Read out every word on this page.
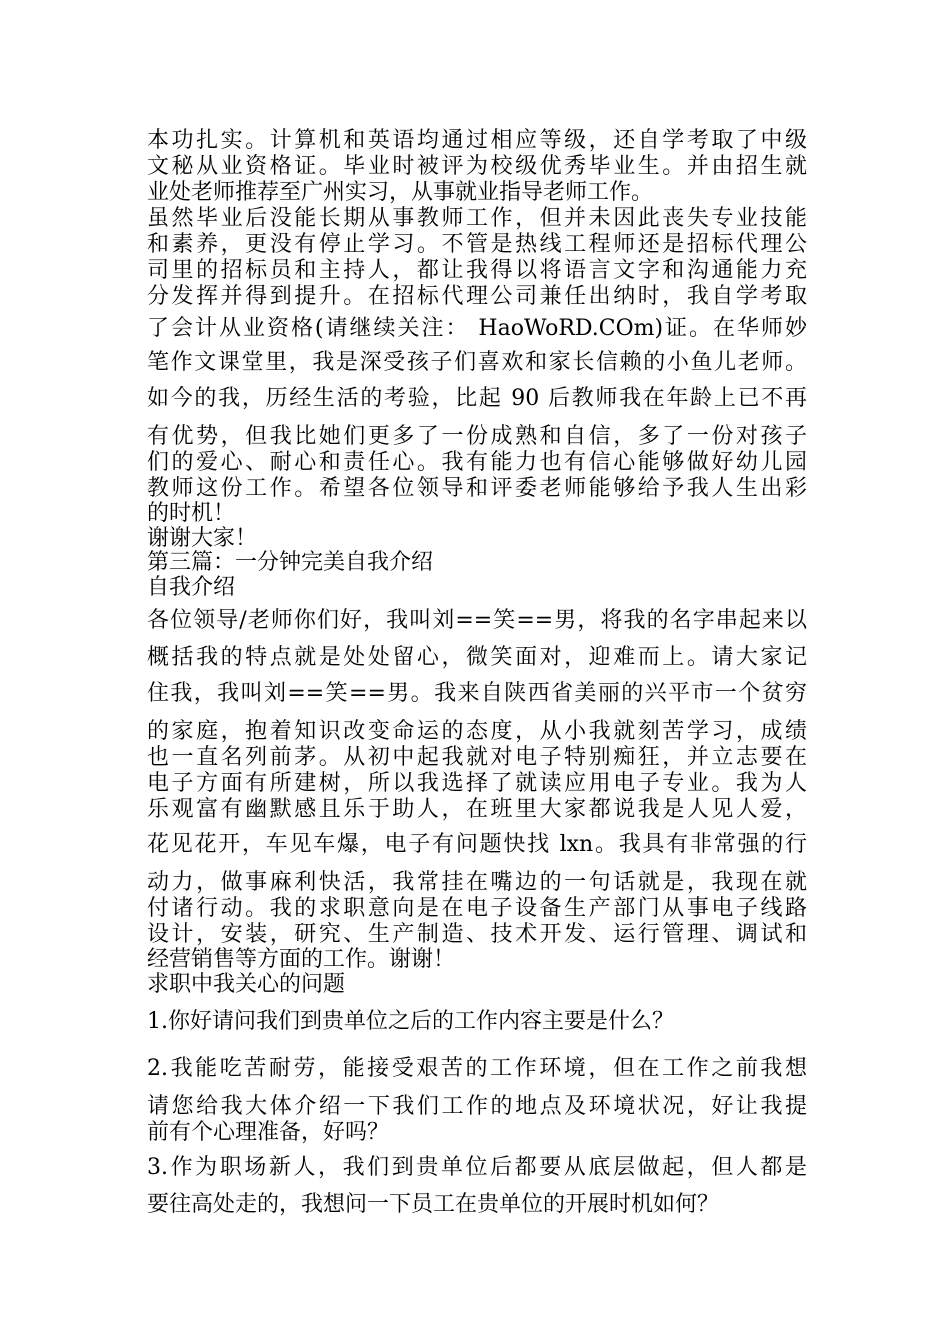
本功扎实。计算机和英语均通过相应等级，还自学考取了中级
文秘从业资格证。毕业时被评为校级优秀毕业生。并由招生就
业处老师推荐至广州实习，从事就业指导老师工作。
虽然毕业后没能长期从事教师工作，但并未因此丧失专业技能
和素养，更没有停止学习。不管是热线工程师还是招标代理公
司里的招标员和主持人，都让我得以将语言文字和沟通能力充
分发挥并得到提升。在招标代理公司兼任出纳时，我自学考取
了会计从业资格(请继续关注： HaoWoRD.COm)证。在华师妙
笔作文课堂里，我是深受孩子们喜欢和家长信赖的小鱼儿老师。
如今的我，历经生活的考验，比起 90 后教师我在年龄上已不再
有优势，但我比她们更多了一份成熟和自信，多了一份对孩子
们的爱心、耐心和责任心。我有能力也有信心能够做好幼儿园
教师这份工作。希望各位领导和评委老师能够给予我人生出彩
的时机！
谢谢大家！
第三篇：一分钟完美自我介绍
自我介绍
各位领导/老师你们好，我叫刘==笑==男，将我的名字串起来以
概括我的特点就是处处留心，微笑面对，迎难而上。请大家记
住我，我叫刘==笑==男。我来自陕西省美丽的兴平市一个贫穷
的家庭，抱着知识改变命运的态度，从小我就刻苦学习，成绩
也一直名列前茅。从初中起我就对电子特别痴狂，并立志要在
电子方面有所建树，所以我选择了就读应用电子专业。我为人
乐观富有幽默感且乐于助人，在班里大家都说我是人见人爱，
花见花开，车见车爆，电子有问题快找 lxn。我具有非常强的行
动力，做事麻利快活，我常挂在嘴边的一句话就是，我现在就
付诸行动。我的求职意向是在电子设备生产部门从事电子线路
设计，安装，研究、生产制造、技术开发、运行管理、调试和
经营销售等方面的工作。谢谢！
求职中我关心的问题
1.你好请问我们到贵单位之后的工作内容主要是什么？
2.我能吃苦耐劳，能接受艰苦的工作环境，但在工作之前我想
请您给我大体介绍一下我们工作的地点及环境状况，好让我提
前有个心理准备，好吗？
3.作为职场新人，我们到贵单位后都要从底层做起，但人都是
要往高处走的，我想问一下员工在贵单位的开展时机如何？
